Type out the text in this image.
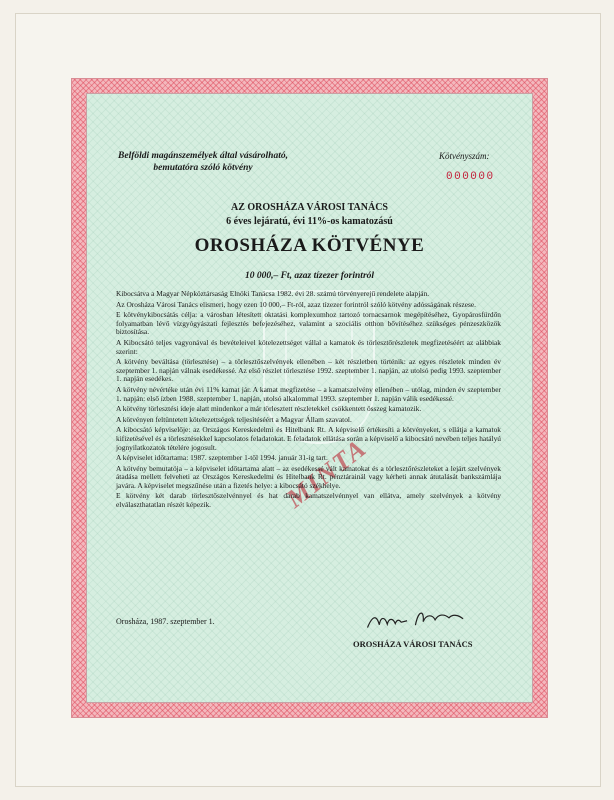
MINTA
Belföldi magánszemélyek által vásárolható,
bemutatóra szóló kötvény
Kötvényszám:
000000
AZ OROSHÁZA VÁROSI TANÁCS
6 éves lejáratú, évi 11%-os kamatozású
OROSHÁZA KÖTVÉNYE
10 000,– Ft, azaz tízezer forintról

Kibocsátva a Magyar Népköztársaság Elnöki Tanácsa 1982. évi 28. számú törvényerejű rendelete alapján.

Az Orosháza Városi Tanács elismeri, hogy ezen 10 000,– Ft-ról, azaz tízezer forintról szóló kötvény adósságának részese.

E kötvénykibocsátás célja: a városban létesített oktatási komplexumhoz tartozó tornacsarnok megépítéséhez, Gyopárosfürdőn folyamatban lévő vízgyógyászati fejlesztés befejezéséhez, valamint a szociális otthon bővítéséhez szükséges pénzeszközök biztosítása.

A Kibocsátó teljes vagyonával és bevételeivel kötelezettséget vállal a kamatok és törlesztőrészletek megfizetéséért az alábbiak szerint:

A kötvény beváltása (törlesztése) – a törlesztőszelvények ellenében – két részletben történik: az egyes részletek minden év szeptember 1. napján válnak esedékessé. Az első részlet törlesztése 1992. szeptember 1. napján, az utolsó pedig 1993. szeptember 1. napján esedékes.

A kötvény névértéke után évi 11% kamat jár. A kamat megfizetése – a kamatszelvény ellenében – utólag, minden év szeptember 1. napján: első ízben 1988. szeptember 1. napján, utolsó alkalommal 1993. szeptember 1. napján válik esedékessé.

A kötvény törlesztési ideje alatt mindenkor a már törlesztett részletekkel csökkentett összeg kamatozik.

A kötvényen feltüntetett kötelezettségek teljesítéséért a Magyar Állam szavatol.

A kibocsátó képviselője: az Országos Kereskedelmi és Hitelbank Rt. A képviselő értékesíti a kötvényeket, s ellátja a kamatok kifizetésével és a törlesztésekkel kapcsolatos feladatokat. E feladatok ellátása során a képviselő a kibocsátó nevében teljes hatályú jognyilatkozatok tételére jogosult.

A képviselet időtartama: 1987. szeptember 1-től 1994. január 31-ig tart.

A kötvény bemutatója – a képviselet időtartama alatt – az esedékessé vált kamatokat és a törlesztőrészleteket a lejárt szelvények átadása mellett felveheti az Országos Kereskedelmi és Hitelbank Rt. pénztárainál vagy kérheti annak átutalását bankszámlája javára. A képviselet megszűnése után a fizetés helye: a kibocsátó székhelye.

E kötvény két darab törlesztőszelvénnyel és hat darab kamatszelvénnyel van ellátva, amely szelvények a kötvény elválaszthatatlan részét képezik.

Orosháza, 1987. szeptember 1.
OROSHÁZA VÁROSI TANÁCS
